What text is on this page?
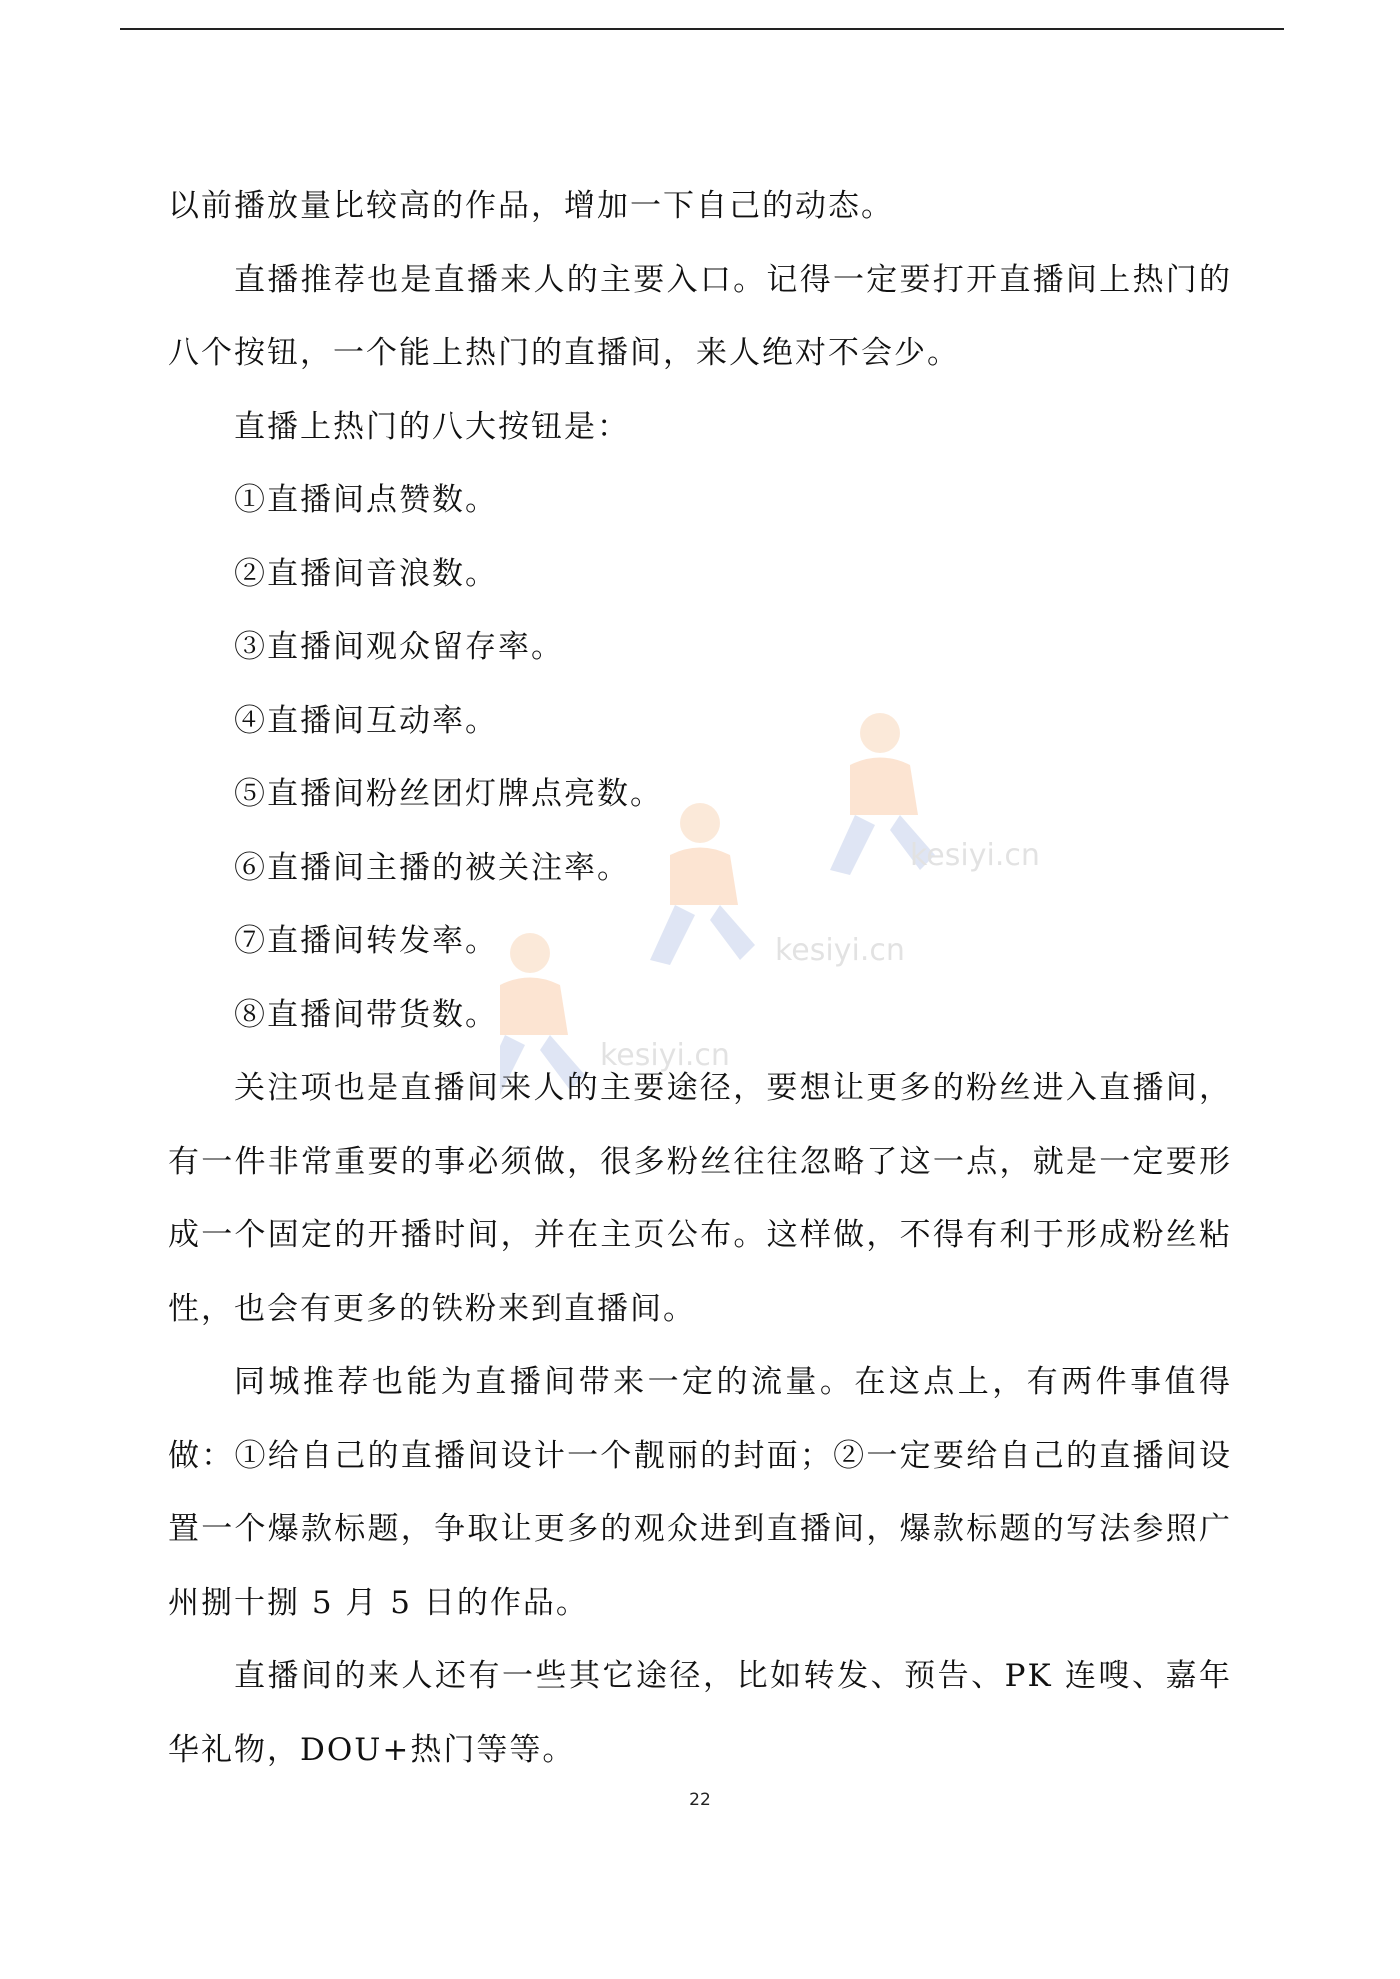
kesiyi.cn
kesiyi.cn
kesiyi.cn

以前播放量比较高的作品，增加一下自己的动态。

直播推荐也是直播来人的主要入口。记得一定要打开直播间上热门的八个按钮，一个能上热门的直播间，来人绝对不会少。

直播上热门的八大按钮是：

①直播间点赞数。

②直播间音浪数。

③直播间观众留存率。

④直播间互动率。

⑤直播间粉丝团灯牌点亮数。

⑥直播间主播的被关注率。

⑦直播间转发率。

⑧直播间带货数。

关注项也是直播间来人的主要途径，要想让更多的粉丝进入直播间，有一件非常重要的事必须做，很多粉丝往往忽略了这一点，就是一定要形成一个固定的开播时间，并在主页公布。这样做，不得有利于形成粉丝粘性，也会有更多的铁粉来到直播间。

同城推荐也能为直播间带来一定的流量。在这点上，有两件事值得做：①给自己的直播间设计一个靓丽的封面；②一定要给自己的直播间设置一个爆款标题，争取让更多的观众进到直播间，爆款标题的写法参照广州捌十捌 5 月 5 日的作品。

直播间的来人还有一些其它途径，比如转发、预告、PK 连嗖、嘉年华礼物，DOU+热门等等。

22
